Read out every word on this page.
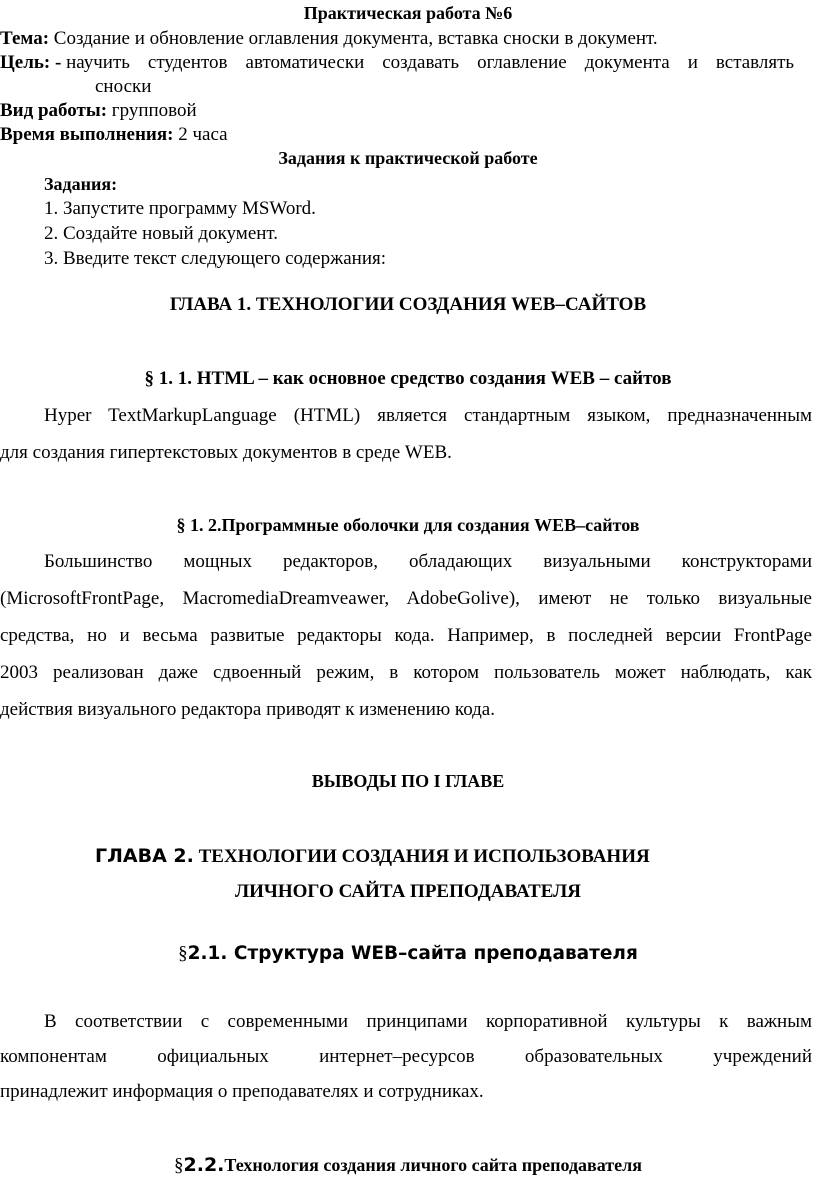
Практическая работа №6
Тема: Создание и обновление оглавления документа, вставка сноски в документ.
Цель: - научить студентов автоматически создавать оглавление документа и вставлять
сноски
Вид работы: групповой
Время выполнения: 2 часа
Задания к практической работе
Задания:
1. Запустите программу MSWord.
2. Создайте новый документ.
3. Введите текст следующего содержания:
ГЛАВА 1. ТЕХНОЛОГИИ СОЗДАНИЯ WEB–САЙТОВ
§ 1. 1. HTML – как основное средство создания WEB – сайтов
Hyper TextMarkupLanguage (HTML) является стандартным языком, предназначенным
для создания гипертекстовых документов в среде WEB.
§ 1. 2.Программные оболочки для создания WEB–сайтов
Большинство мощных редакторов, обладающих визуальными конструкторами
(MicrosoftFrontPage, MacromediaDreamveawer, AdobeGolive), имеют не только визуальные
средства, но и весьма развитые редакторы кода. Например, в последней версии FrontPage
2003 реализован даже сдвоенный режим, в котором пользователь может наблюдать, как
действия визуального редактора приводят к изменению кода.
ВЫВОДЫ ПО I ГЛАВЕ
ГЛАВА 2. ТЕХНОЛОГИИ СОЗДАНИЯ И ИСПОЛЬЗОВАНИЯ
ЛИЧНОГО САЙТА ПРЕПОДАВАТЕЛЯ
§2.1. Структура WEB–сайта преподавателя
В соответствии с современными принципами корпоративной культуры к важным
компонентам официальных интернет–ресурсов образовательных учреждений
принадлежит информация о преподавателях и сотрудниках.
§2.2.Технология создания личного сайта преподавателя
